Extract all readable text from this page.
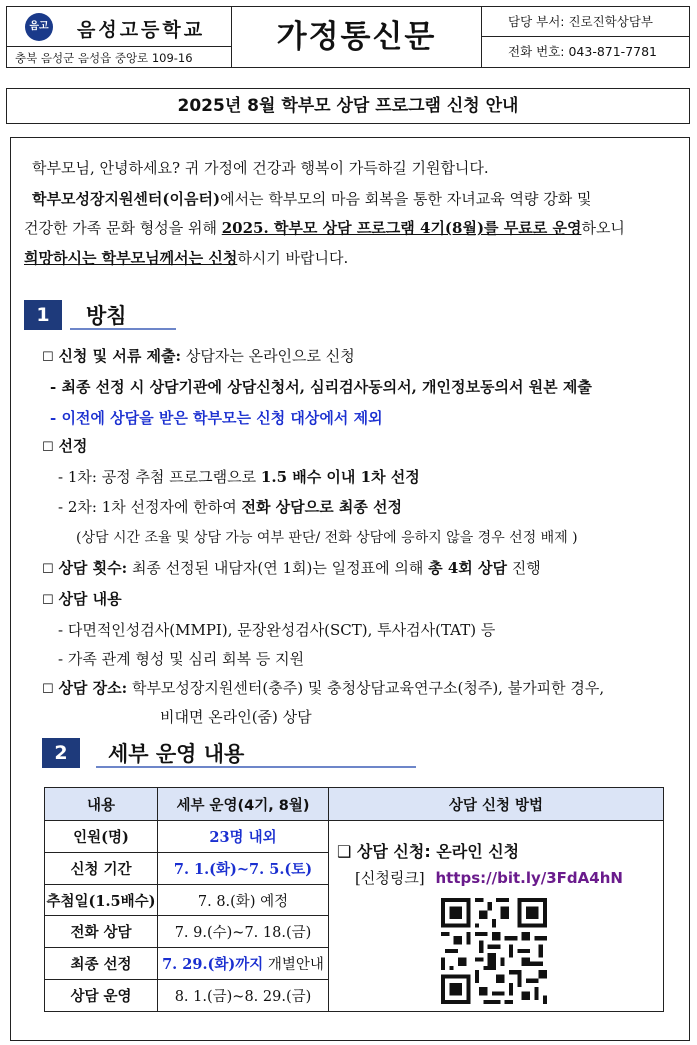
음고 음성고등학교
충북 음성군 음성읍 중앙로 109-16
가정통신문	담당 부서: 진로진학상담부
전화 번호: 043-871-7781
2025년 8월 학부모 상담 프로그램 신청 안내
학부모님, 안녕하세요? 귀 가정에 건강과 행복이 가득하길 기원합니다.
학부모성장지원센터(이음터)에서는 학부모의 마음 회복을 통한 자녀교육 역량 강화 및
건강한 가족 문화 형성을 위해 2025. 학부모 상담 프로그램 4기(8월)를 무료로 운영하오니
희망하시는 학부모님께서는 신청하시기 바랍니다.
1	방침
☐ 신청 및 서류 제출: 상담자는 온라인으로 신청
- 최종 선정 시 상담기관에 상담신청서, 심리검사동의서, 개인정보동의서 원본 제출
- 이전에 상담을 받은 학부모는 신청 대상에서 제외
☐ 선정
- 1차: 공정 추첨 프로그램으로 1.5 배수 이내 1차 선정
- 2차: 1차 선정자에 한하여 전화 상담으로 최종 선정
(상담 시간 조율 및 상담 가능 여부 판단/ 전화 상담에 응하지 않을 경우 선정 배제 )
☐ 상담 횟수: 최종 선정된 내담자(연 1회)는 일정표에 의해 총 4회 상담 진행
☐ 상담 내용
- 다면적인성검사(MMPI), 문장완성검사(SCT), 투사검사(TAT) 등
- 가족 관계 형성 및 심리 회복 등 지원
☐ 상담 장소: 학부모성장지원센터(충주) 및 충청상담교육연구소(청주), 불가피한 경우,
비대면 온라인(줌) 상담
2	세부 운영 내용
내용	세부 운영(4기, 8월)	상담 신청 방법
인원(명)	23명 내외	❑ 상담 신청: 온라인 신청
[신청링크] https://bit.ly/3FdA4hN

신청 기간	7. 1.(화)~7. 5.(토)	
추첨일(1.5배수)	7. 8.(화) 예정	
전화 상담	7. 9.(수)~7. 18.(금)	
최종 선정	7. 29.(화)까지 개별안내	
상담 운영	8. 1.(금)~8. 29.(금)	
